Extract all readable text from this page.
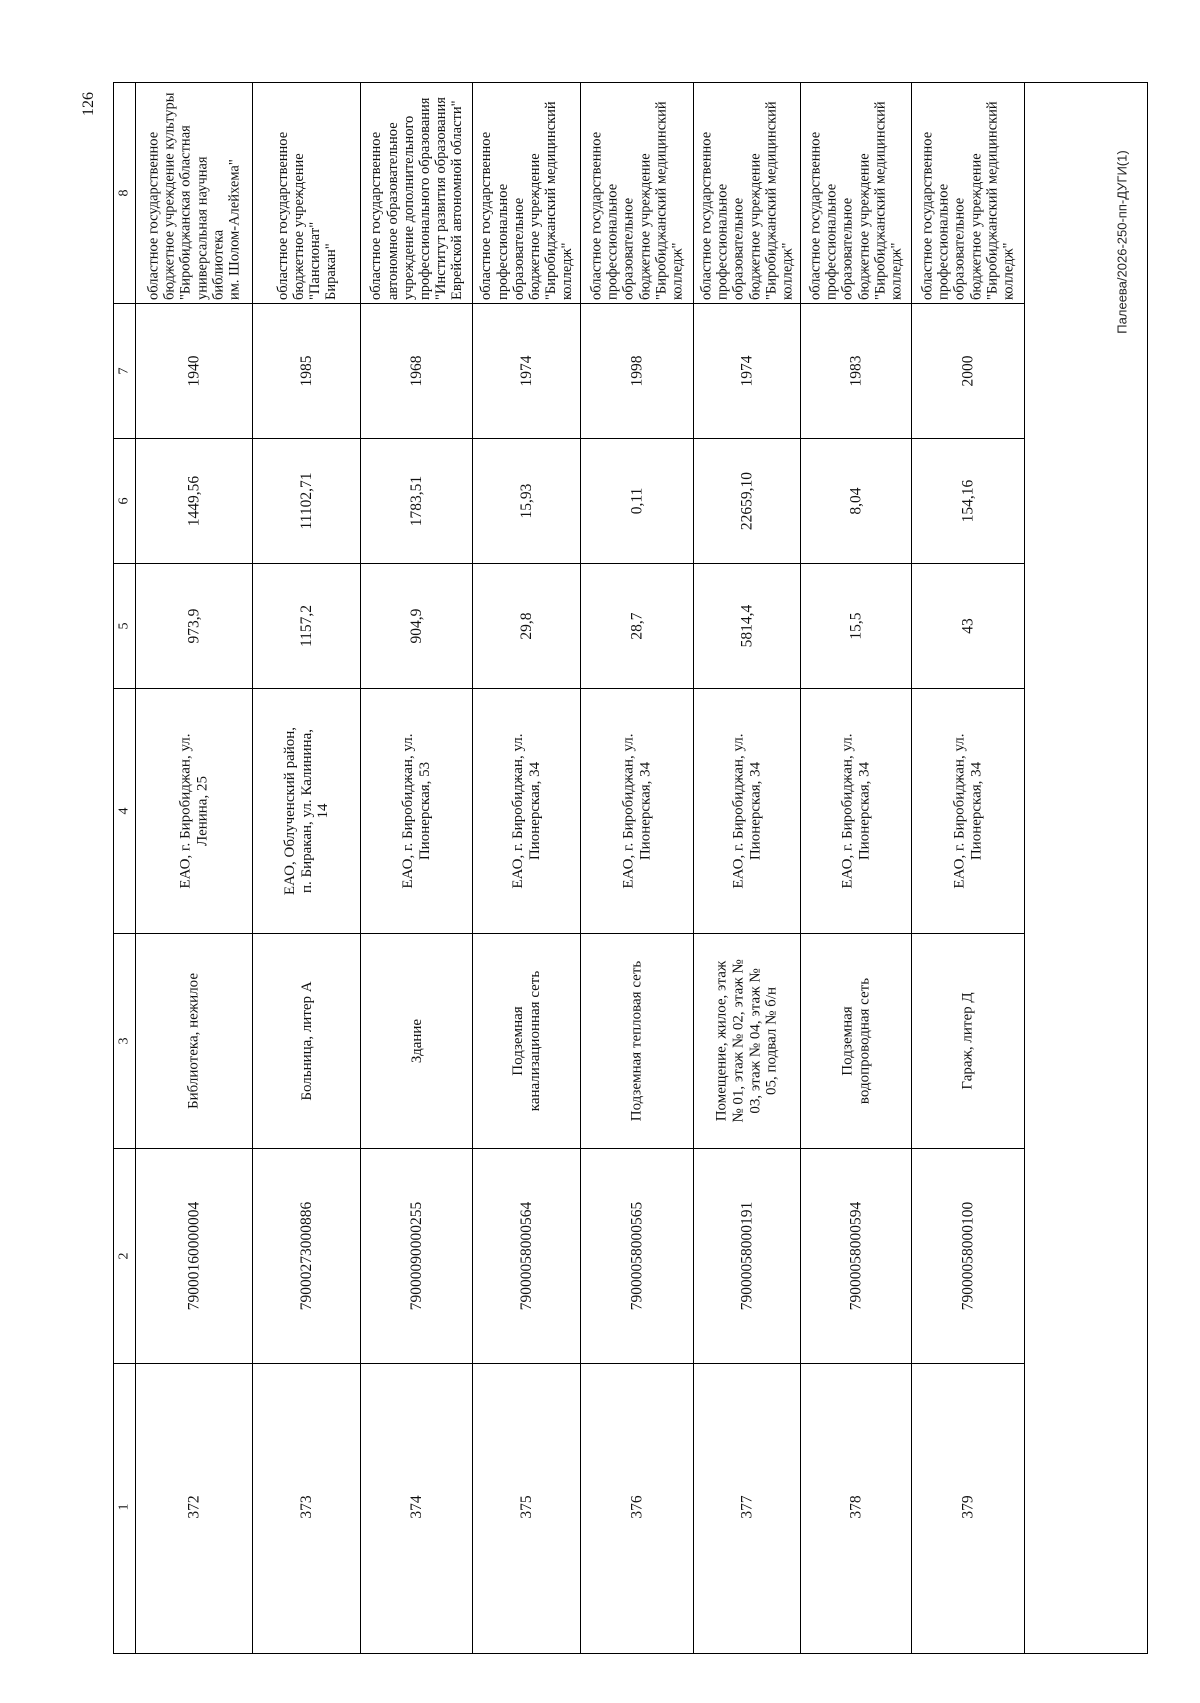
126
Палеева/2026-250-пп-ДУГИ(1)
8
7
6
5
4
3
2
1
областное государственное
бюджетное учреждение культуры
"Биробиджанская областная
универсальная научная библиотека
им. Шолом-Алейхема"
1940
1449,56
973,9
ЕАО, г. Биробиджан, ул.
Ленина, 25
Библиотека, нежилое
79000160000004
372
областное государственное
бюджетное учреждение "Пансионат"
Биракан"
1985
11102,71
1157,2
ЕАО, Облученский район,
п. Биракан, ул. Калинина,
14
Больница, литер А
79000273000886
373
областное государственное
автономное образовательное
учреждение дополнительного
профессионального образования
"Институт развития образования
Еврейской автономной области"
1968
1783,51
904,9
ЕАО, г. Биробиджан, ул.
Пионерская, 53
Здание
79000090000255
374
областное государственное
профессиональное образовательное
бюджетное учреждение
"Биробиджанский медицинский
колледж"
1974
15,93
29,8
ЕАО, г. Биробиджан, ул.
Пионерская, 34
Подземная
канализационная сеть
79000058000564
375
областное государственное
профессиональное образовательное
бюджетное учреждение
"Биробиджанский медицинский
колледж"
1998
0,11
28,7
ЕАО, г. Биробиджан, ул.
Пионерская, 34
Подземная тепловая сеть
79000058000565
376
областное государственное
профессиональное образовательное
бюджетное учреждение
"Биробиджанский медицинский
колледж"
1974
22659,10
5814,4
ЕАО, г. Биробиджан, ул.
Пионерская, 34
Помещение, жилое, этаж
№ 01, этаж № 02, этаж №
03, этаж № 04, этаж №
05, подвал № б/н
79000058000191
377
областное государственное
профессиональное образовательное
бюджетное учреждение
"Биробиджанский медицинский
колледж"
1983
8,04
15,5
ЕАО, г. Биробиджан, ул.
Пионерская, 34
Подземная
водопроводная сеть
79000058000594
378
областное государственное
профессиональное образовательное
бюджетное учреждение
"Биробиджанский медицинский
колледж"
2000
154,16
43
ЕАО, г. Биробиджан, ул.
Пионерская, 34
Гараж, литер Д
79000058000100
379
